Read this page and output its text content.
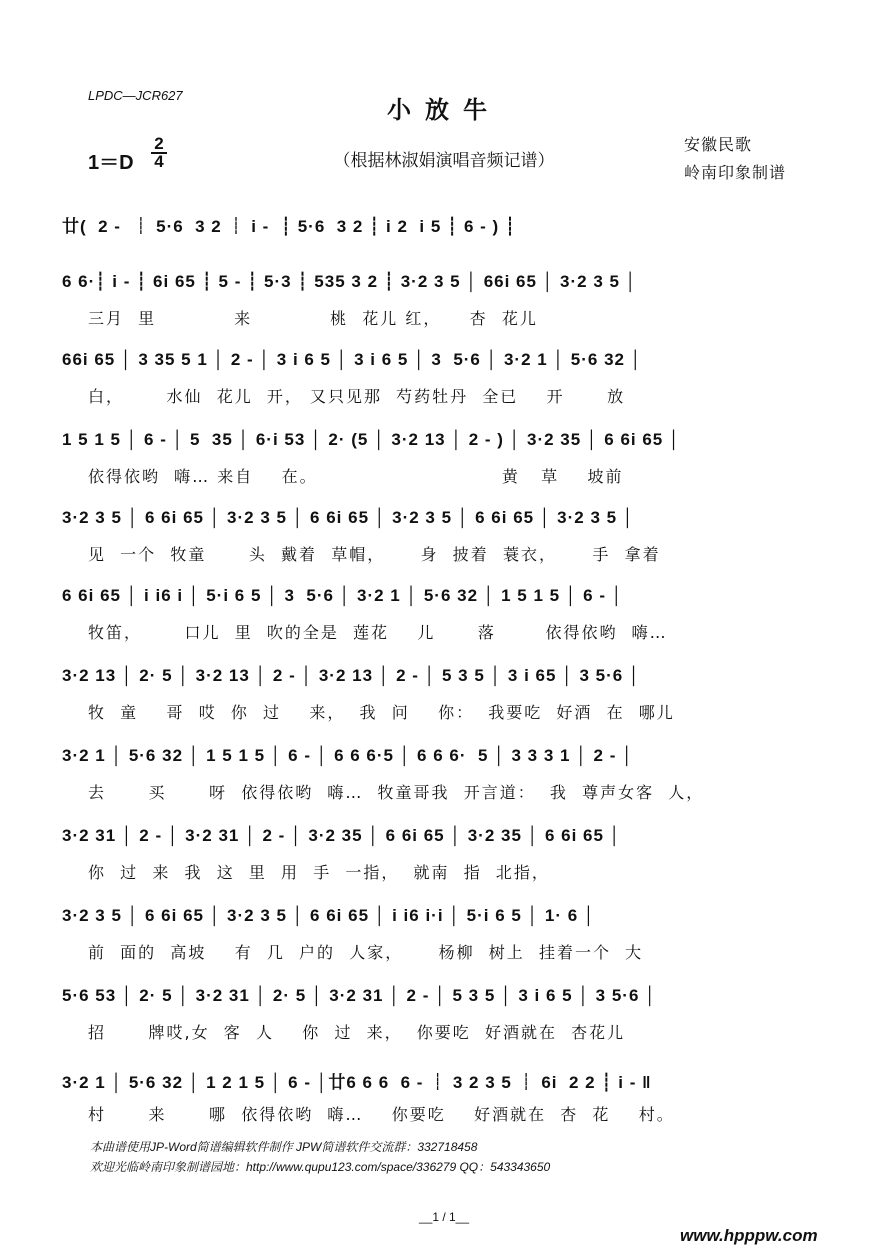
LPDC—JCR627	小放牛
1＝D
2
4	（根据林淑娟演唱音频记谱）
安徽民歌
岭南印象制谱
廿(  2 -  ┊ 5·6  3 2 ┊ i -  ┊ 5·6  3 2 ┊ i 2  i 5 ┊ 6 - ) ┊
6 6·┊ i - ┊ 6i 65 ┊ 5 - ┊ 5·3 ┊ 535 3 2 ┊ 3·2 3 5 │ 66i 65 │ 3·2 3 5 │
三月  里           来           桃  花儿 红，    杏  花儿
66i 65 │ 3 35 5 1 │ 2 - │ 3 i 6 5 │ 3 i 6 5 │ 3  5·6 │ 3·2 1 │ 5·6 32 │
白，      水仙  花儿  开， 又只见那  芍药牡丹  全已    开      放
1 5 1 5 │ 6 - │ 5  35 │ 6·i 53 │ 2· (5 │ 3·2 13 │ 2 - ) │ 3·2 35 │ 6 6i 65 │
依得依哟  嗨… 来自    在。                          黄   草    坡前
3·2 3 5 │ 6 6i 65 │ 3·2 3 5 │ 6 6i 65 │ 3·2 3 5 │ 6 6i 65 │ 3·2 3 5 │
见  一个  牧童      头  戴着  草帽，     身  披着  蓑衣，     手  拿着
6 6i 65 │ i i6 i │ 5·i 6 5 │ 3  5·6 │ 3·2 1 │ 5·6 32 │ 1 5 1 5 │ 6 - │
牧笛，      口儿  里  吹的全是  莲花    儿      落       依得依哟  嗨…
3·2 13 │ 2· 5 │ 3·2 13 │ 2 - │ 3·2 13 │ 2 - │ 5 3 5 │ 3 i 65 │ 3 5·6 │
牧  童    哥  哎  你  过    来，  我  问    你：  我要吃  好酒  在  哪儿
3·2 1 │ 5·6 32 │ 1 5 1 5 │ 6 - │ 6 6 6·5 │ 6 6 6·  5 │ 3 3 3 1 │ 2 - │
去      买      呀  依得依哟  嗨…  牧童哥我  开言道：  我  尊声女客  人，
3·2 31 │ 2 - │ 3·2 31 │ 2 - │ 3·2 35 │ 6 6i 65 │ 3·2 35 │ 6 6i 65 │
你  过  来  我  这  里  用  手  一指，  就南  指  北指，
3·2 3 5 │ 6 6i 65 │ 3·2 3 5 │ 6 6i 65 │ i i6 i·i │ 5·i 6 5 │ 1· 6 │
前  面的  高坡    有  几  户的  人家，     杨柳  树上  挂着一个  大
5·6 53 │ 2· 5 │ 3·2 31 │ 2· 5 │ 3·2 31 │ 2 - │ 5 3 5 │ 3 i 6 5 │ 3 5·6 │
招      牌哎,女  客  人    你  过  来，  你要吃  好酒就在  杏花儿
3·2 1 │ 5·6 32 │ 1 2 1 5 │ 6 - │廿6 6 6  6 - ┊ 3 2 3 5 ┊ 6i  2 2 ┊ i - ‖
村      来      哪  依得依哟  嗨…    你要吃    好酒就在  杏  花    村。
本曲谱使用JP-Word简谱编辑软件制作 JPW简谱软件交流群：332718458
欢迎光临岭南印象制谱园地：http://www.qupu123.com/space/336279 QQ：543343650
__1 / 1__
www.hpppw.com
